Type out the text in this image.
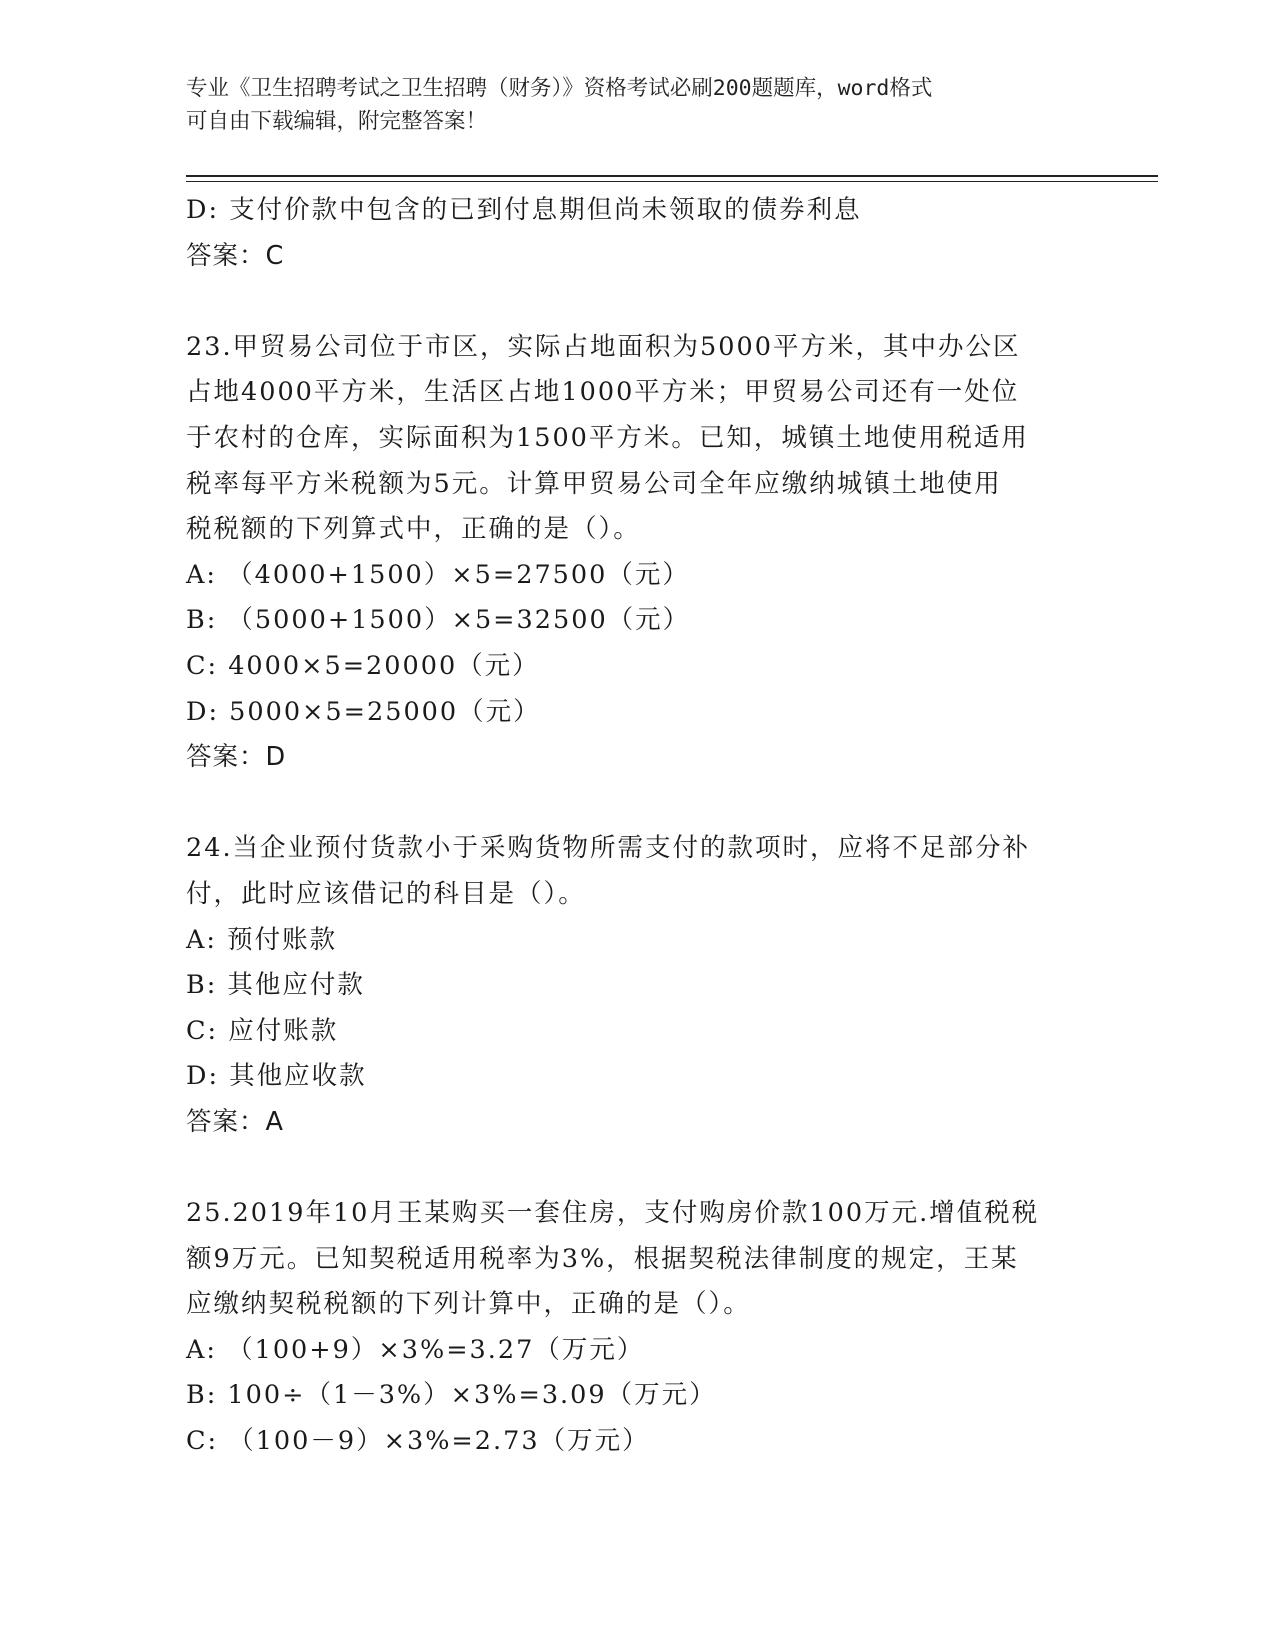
专业《卫生招聘考试之卫生招聘（财务）》资格考试必刷200题题库，word格式
可自由下载编辑，附完整答案！
D: 支付价款中包含的已到付息期但尚未领取的债券利息
答案：C
23.甲贸易公司位于市区，实际占地面积为5000平方米，其中办公区
占地4000平方米，生活区占地1000平方米；甲贸易公司还有一处位
于农村的仓库，实际面积为1500平方米。已知，城镇土地使用税适用
税率每平方米税额为5元。计算甲贸易公司全年应缴纳城镇土地使用
税税额的下列算式中，正确的是（）。
A: （4000+1500）×5=27500（元）
B: （5000+1500）×5=32500（元）
C: 4000×5=20000（元）
D: 5000×5=25000（元）
答案：D
24.当企业预付货款小于采购货物所需支付的款项时，应将不足部分补
付，此时应该借记的科目是（）。
A: 预付账款
B: 其他应付款
C: 应付账款
D: 其他应收款
答案：A
25.2019年10月王某购买一套住房，支付购房价款100万元.增值税税
额9万元。已知契税适用税率为3%，根据契税法律制度的规定，王某
应缴纳契税税额的下列计算中，正确的是（）。
A: （100+9）×3%=3.27（万元）
B: 100÷（1－3%）×3%=3.09（万元）
C: （100－9）×3%=2.73（万元）
